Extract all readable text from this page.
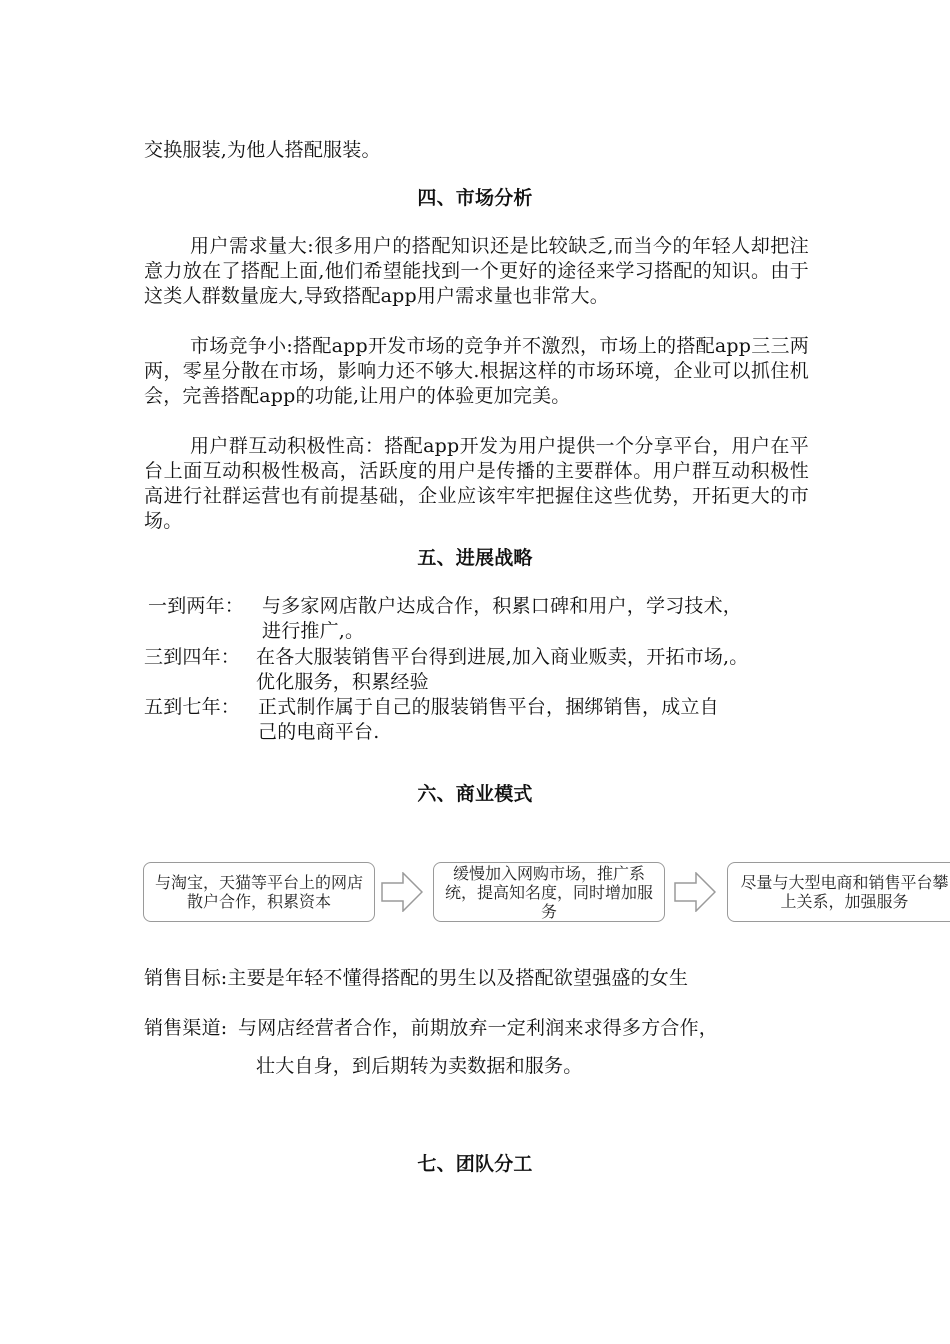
交换服装,为他人搭配服装。
四、市场分析
用户需求量大:很多用户的搭配知识还是比较缺乏,而当今的年轻人却把注意力放在了搭配上面,他们希望能找到一个更好的途径来学习搭配的知识。由于这类人群数量庞大,导致搭配app用户需求量也非常大。
市场竞争小:搭配app开发市场的竞争并不激烈，市场上的搭配app三三两两，零星分散在市场，影响力还不够大.根据这样的市场环境，企业可以抓住机会，完善搭配app的功能,让用户的体验更加完美。
用户群互动积极性高：搭配app开发为用户提供一个分享平台，用户在平台上面互动积极性极高，活跃度的用户是传播的主要群体。用户群互动积极性高进行社群运营也有前提基础，企业应该牢牢把握住这些优势，开拓更大的市场。
五、进展战略
一到两年： 与多家网店散户达成合作，积累口碑和用户，学习技术，
进行推广,。
三到四年： 在各大服装销售平台得到进展,加入商业贩卖，开拓市场,。
优化服务，积累经验
五到七年： 正式制作属于自己的服装销售平台，捆绑销售，成立自
己的电商平台.
六、商业模式
与淘宝，天猫等平台上的网店散户合作，积累资本
缓慢加入网购市场，推广系统，提高知名度，同时增加服务
尽量与大型电商和销售平台攀上关系，加强服务
销售目标:主要是年轻不懂得搭配的男生以及搭配欲望强盛的女生
销售渠道: 与网店经营者合作，前期放弃一定利润来求得多方合作，
壮大自身，到后期转为卖数据和服务。
七、团队分工
